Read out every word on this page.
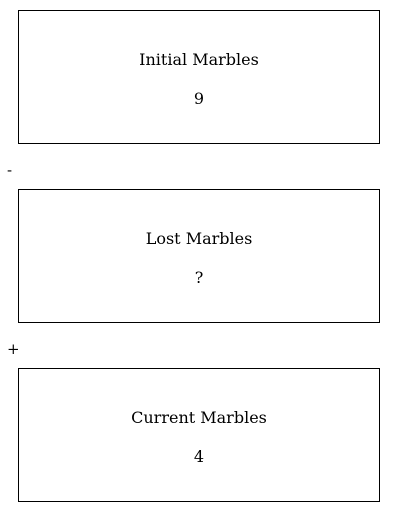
Initial Marbles
9
-
Lost Marbles
?
+
Current Marbles
4
